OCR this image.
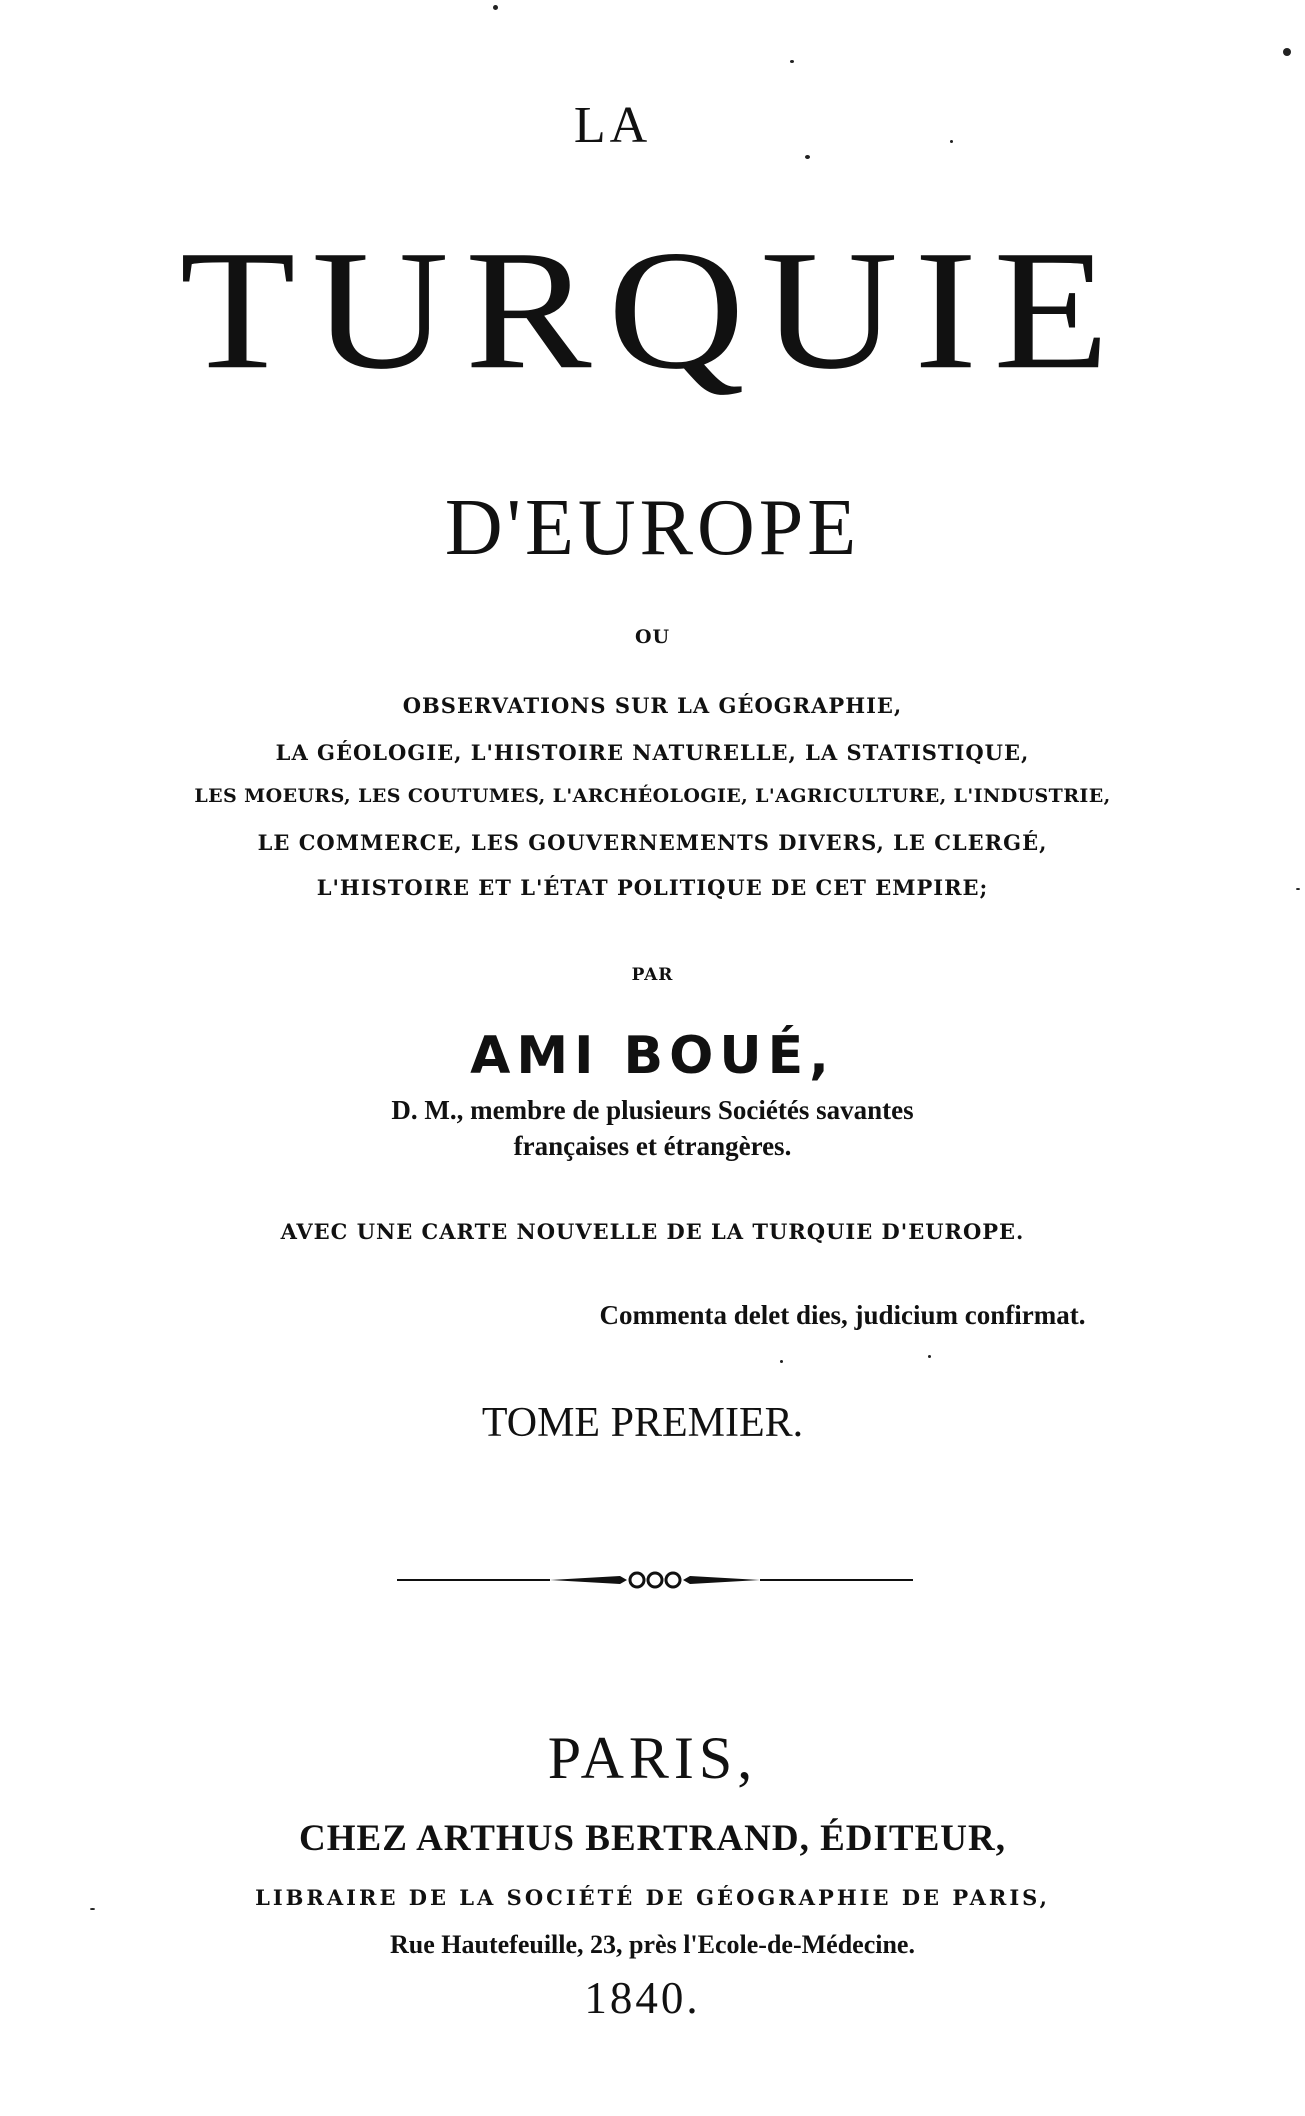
LA
TURQUIE
D'EUROPE
OU
OBSERVATIONS SUR LA GÉOGRAPHIE,
LA GÉOLOGIE, L'HISTOIRE NATURELLE, LA STATISTIQUE,
LES MOEURS, LES COUTUMES, L'ARCHÉOLOGIE, L'AGRICULTURE, L'INDUSTRIE,
LE COMMERCE, LES GOUVERNEMENTS DIVERS, LE CLERGÉ,
L'HISTOIRE ET L'ÉTAT POLITIQUE DE CET EMPIRE;
PAR
AMI BOUÉ,
D. M., membre de plusieurs Sociétés savantes
françaises et étrangères.
AVEC UNE CARTE NOUVELLE DE LA TURQUIE D'EUROPE.
Commenta delet dies, judicium confirmat.
TOME PREMIER.
PARIS,
CHEZ ARTHUS BERTRAND, ÉDITEUR,
LIBRAIRE DE LA SOCIÉTÉ DE GÉOGRAPHIE DE PARIS,
Rue Hautefeuille, 23, près l'Ecole-de-Médecine.
1840.
